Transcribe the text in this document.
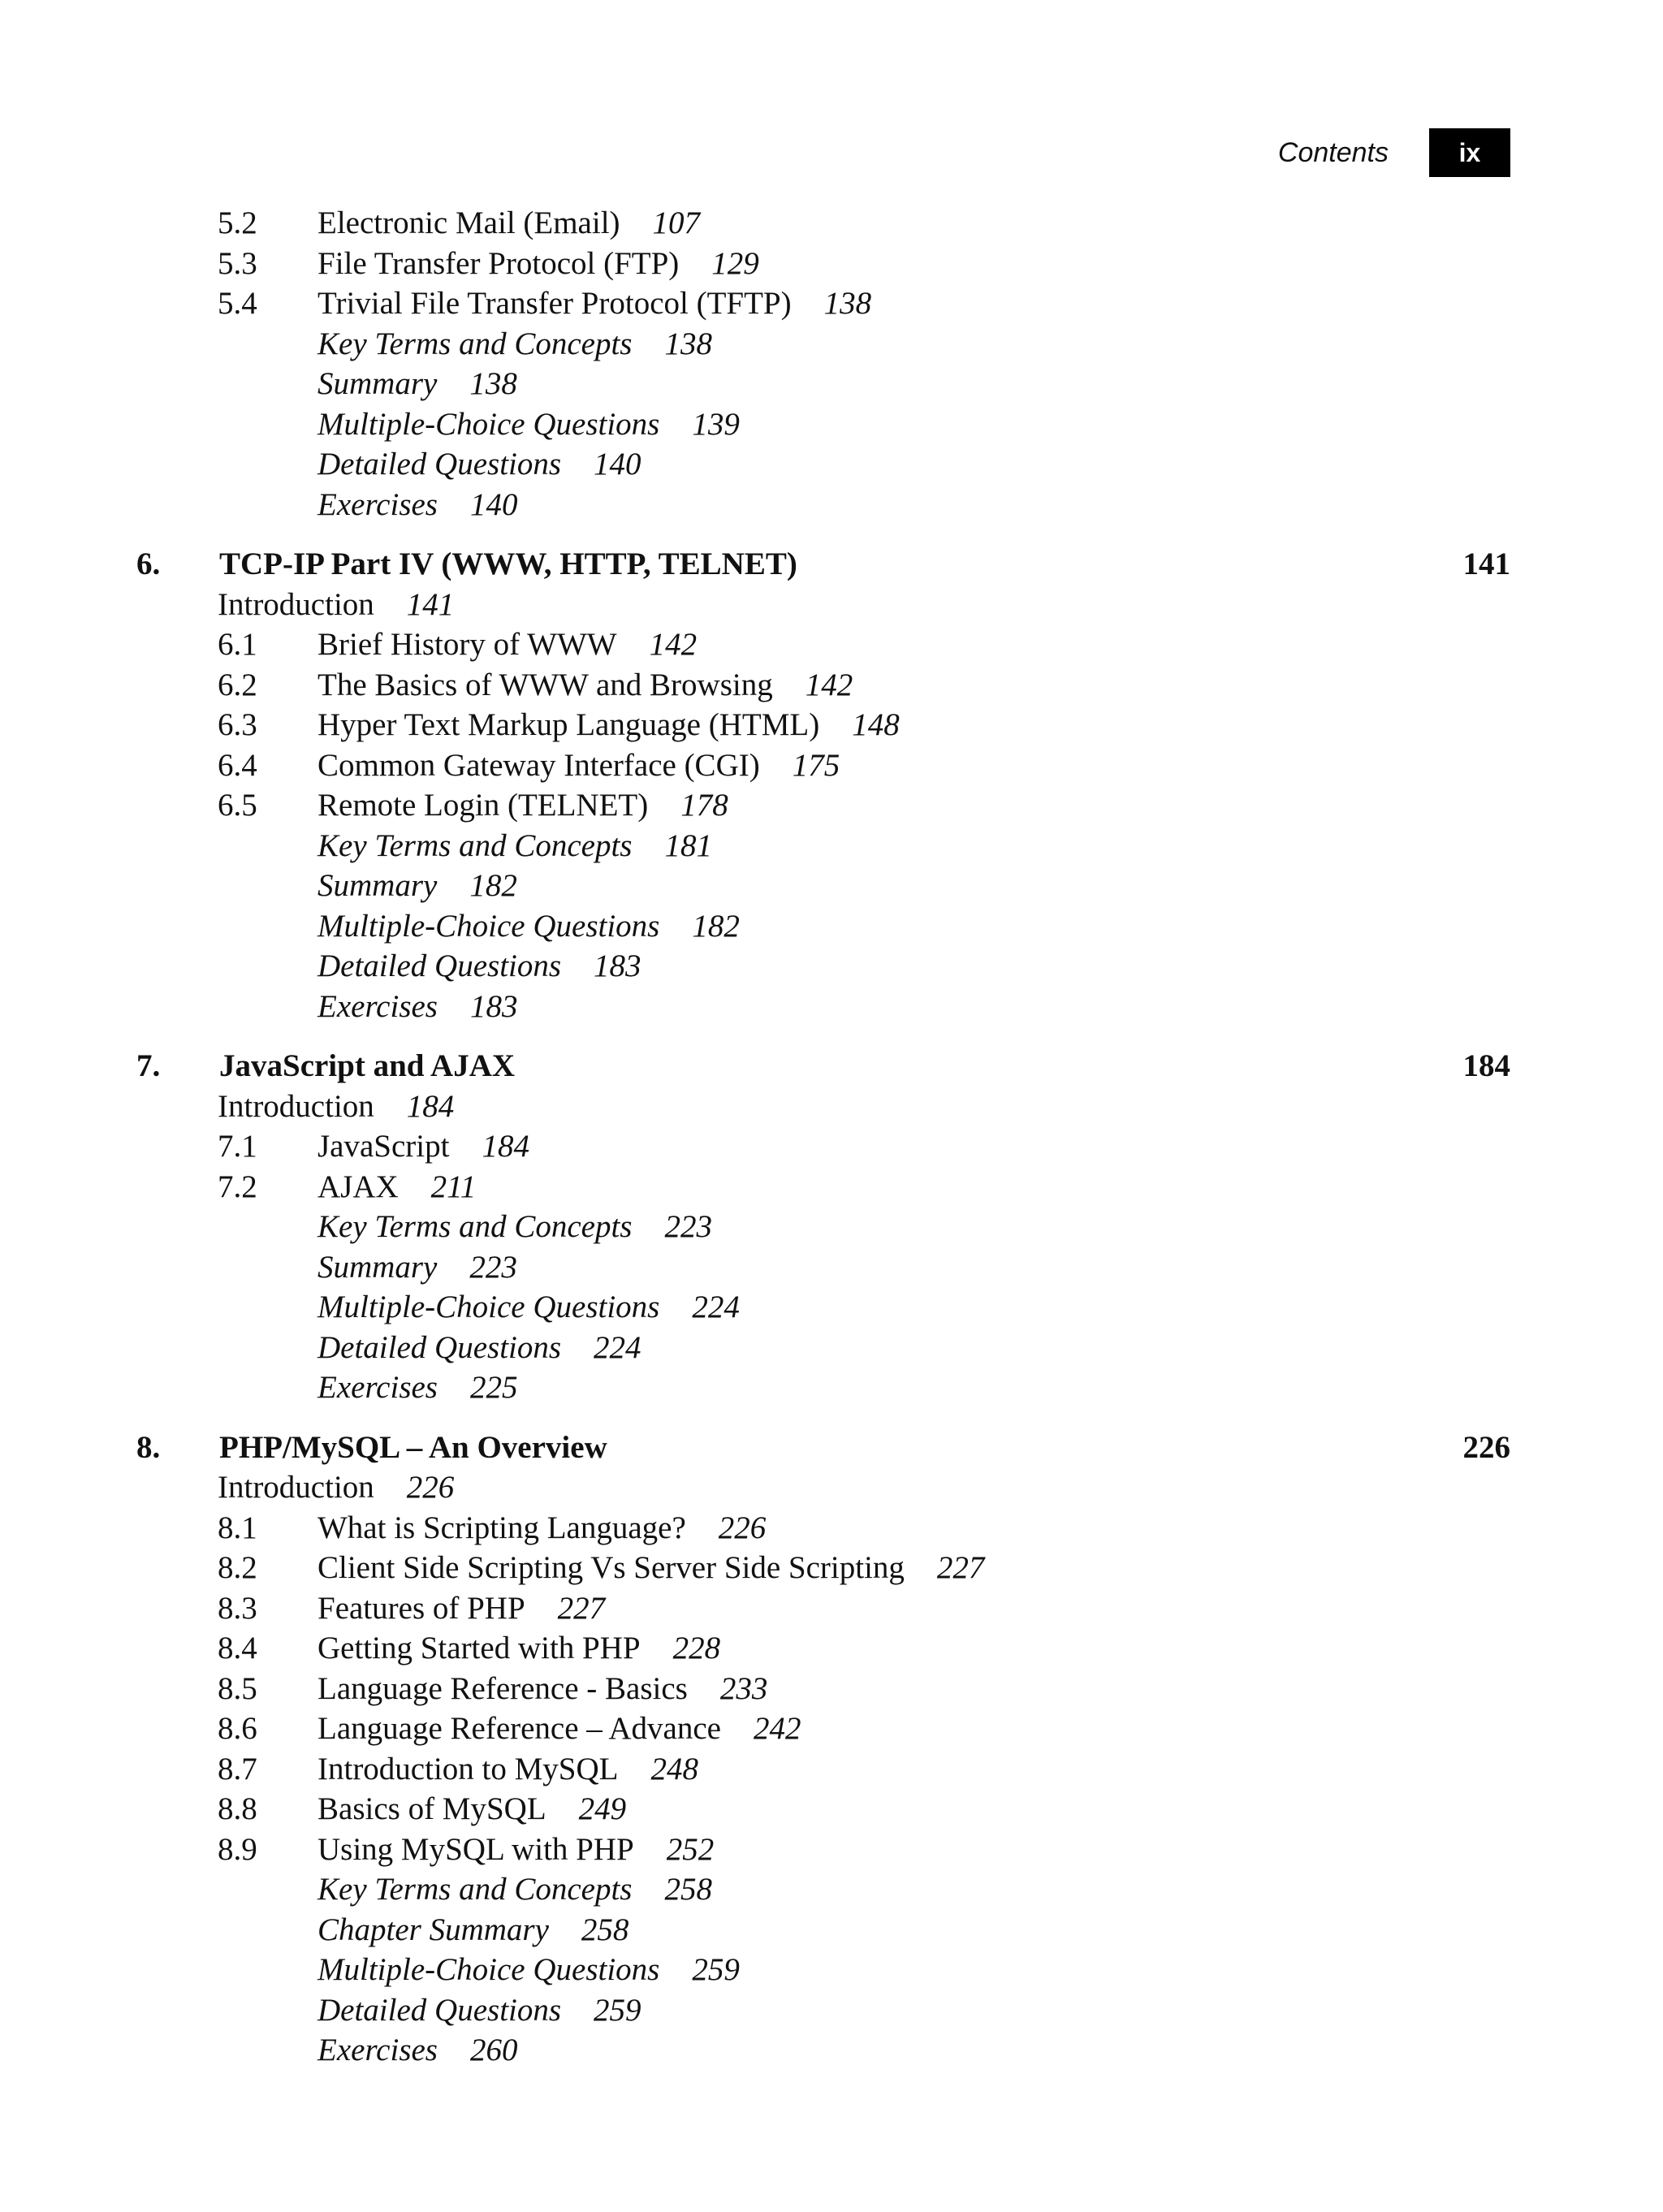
Contents	ix
5.2 Electronic Mail (Email) 107
5.3 File Transfer Protocol (FTP) 129
5.4 Trivial File Transfer Protocol (TFTP) 138
Key Terms and Concepts 138
Summary 138
Multiple-Choice Questions 139
Detailed Questions 140
Exercises 140
6. TCP-IP Part IV (WWW, HTTP, TELNET)	141
Introduction 141
6.1 Brief History of WWW 142
6.2 The Basics of WWW and Browsing 142
6.3 Hyper Text Markup Language (HTML) 148
6.4 Common Gateway Interface (CGI) 175
6.5 Remote Login (TELNET) 178
Key Terms and Concepts 181
Summary 182
Multiple-Choice Questions 182
Detailed Questions 183
Exercises 183
7. JavaScript and AJAX	184
Introduction 184
7.1 JavaScript 184
7.2 AJAX 211
Key Terms and Concepts 223
Summary 223
Multiple-Choice Questions 224
Detailed Questions 224
Exercises 225
8. PHP/MySQL – An Overview	226
Introduction 226
8.1 What is Scripting Language? 226
8.2 Client Side Scripting Vs Server Side Scripting 227
8.3 Features of PHP 227
8.4 Getting Started with PHP 228
8.5 Language Reference - Basics 233
8.6 Language Reference – Advance 242
8.7 Introduction to MySQL 248
8.8 Basics of MySQL 249
8.9 Using MySQL with PHP 252
Key Terms and Concepts 258
Chapter Summary 258
Multiple-Choice Questions 259
Detailed Questions 259
Exercises 260
